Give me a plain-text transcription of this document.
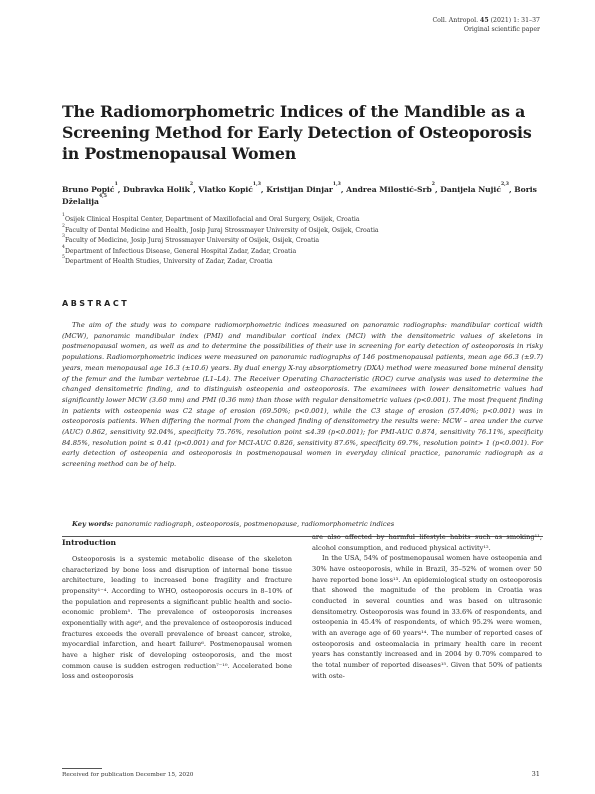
Coll. Antropol. 45 (2021) 1: 31–37
Original scientific paper
The Radiomorphometric Indices of the Mandible as a Screening Method for Early Detection of Osteoporosis in Postmenopausal Women

Bruno Popić$^1$, Dubravka Holik$^2$, Vlatko Kopić$^{1,3}$, Kristijan Dinjar$^{1,3}$, Andrea Milostić-Srb$^2$, Danijela Nujić$^{2,3}$, Boris Dželalija$^{4,5}$

$^1$Osijek Clinical Hospital Center, Department of Maxillofacial and Oral Surgery, Osijek, Croatia
$^2$Faculty of Dental Medicine and Health, Josip Juraj Strossmayer University of Osijek, Osijek, Croatia
$^3$Faculty of Medicine, Josip Juraj Strossmayer University of Osijek, Osijek, Croatia
$^4$Department of Infectious Disease, General Hospital Zadar, Zadar, Croatia
$^5$Department of Health Studies, University of Zadar, Zadar, Croatia
ABSTRACT

The aim of the study was to compare radiomorphometric indices measured on panoramic radiographs: mandibular cortical width (MCW), panoramic mandibular index (PMI) and mandibular cortical index (MCI) with the densitometric values of skeletons in postmenopausal women, as well as and to determine the possibilities of their use in screening for early detection of osteoporosis in risky populations. Radiomorphometric indices were measured on panoramic radiographs of 146 postmenopausal patients, mean age 66.3 (±9.7) years, mean menopausal age 16.3 (±10.6) years. By dual energy X-ray absorptiometry (DXA) method were measured bone mineral density of the femur and the lumbar vertebrae (L1–L4). The Receiver Operating Characteristic (ROC) curve analysis was used to determine the changed densitometric finding, and to distinguish osteopenia and osteoporosis. The examinees with lower densitometric values had significantly lower MCW (3.60 mm) and PMI (0.36 mm) than those with regular densitometric values (p<0.001). The most frequent finding in patients with osteopenia was C2 stage of erosion (69.50%; p<0.001), while the C3 stage of erosion (57.40%; p<0.001) was in osteoporosis patients. When differing the normal from the changed finding of densitometry the results were: MCW – area under the curve (AUC) 0.862, sensitivity 92.04%, specificity 75.76%, resolution point ≤4.39 (p<0.001); for PMI-AUC 0.874, sensitivity 76.11%, specificity 84.85%, resolution point ≤ 0.41 (p<0.001) and for MCI-AUC 0.826, sensitivity 87.6%, specificity 69.7%, resolution point> 1 (p<0.001). For early detection of osteopenia and osteoporosis in postmenopausal women in everyday clinical practice, panoramic radiograph as a screening method can be of help.

Key words: panoramic radiograph, osteoporosis, postmenopause, radiomorphometric indices

Introduction

Osteoporosis is a systemic metabolic disease of the skeleton characterized by bone loss and disruption of internal bone tissue architecture, leading to increased bone fragility and fracture propensity¹⁻⁴. According to WHO, osteoporosis occurs in 8–10% of the population and represents a significant public health and socio-economic problem⁵. The prevalence of osteoporosis increases exponentially with age⁶, and the prevalence of osteoporosis induced fractures exceeds the overall prevalence of breast cancer, stroke, myocardial infarction, and heart failure⁶. Postmenopausal women have a higher risk of developing osteoporosis, and the most common cause is sudden estrogen reduction⁷⁻¹⁰. Accelerated bone loss and osteoporosis

are also affected by harmful lifestyle habits such as smoking¹¹, alcohol consumption, and reduced physical activity¹².

In the USA, 54% of postmenopausal women have osteopenia and 30% have osteoporosis, while in Brazil, 35–52% of women over 50 have reported bone loss¹³. An epidemiological study on osteoporosis that showed the magnitude of the problem in Croatia was conducted in several counties and was based on ultrasonic densitometry. Osteoporosis was found in 33.6% of respondents, and osteopenia in 45.4% of respondents, of which 95.2% were women, with an average age of 60 years¹⁴. The number of reported cases of osteoporosis and osteomalacia in primary health care in recent years has constantly increased and in 2004 by 0.70% compared to the total number of reported diseases¹⁵. Given that 50% of patients with oste-

Received for publication December 15, 2020	31
